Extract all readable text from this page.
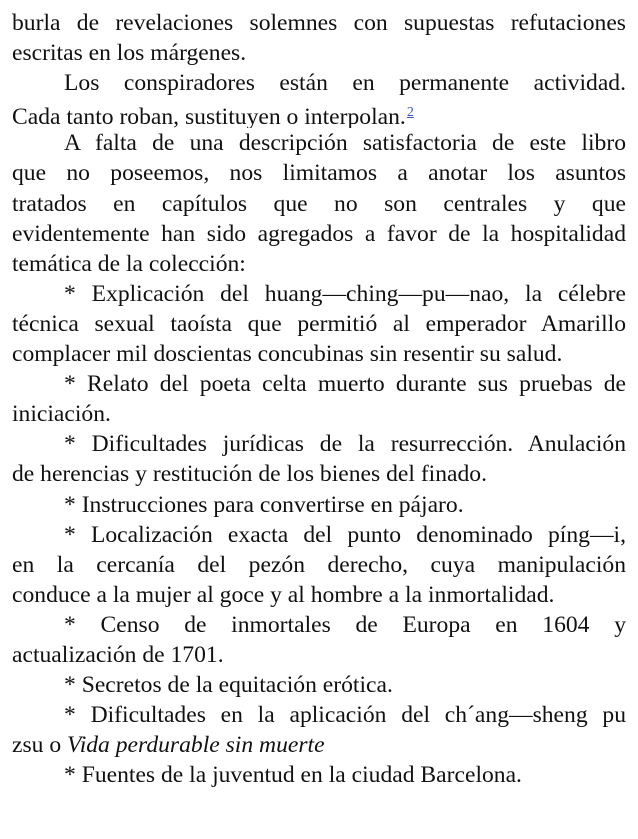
burla de revelaciones solemnes con supuestas refutaciones
escritas en los márgenes.
Los conspiradores están en permanente actividad.
Cada tanto roban, sustituyen o interpolan.$^2$
A falta de una descripción satisfactoria de este libro
que no poseemos, nos limitamos a anotar los asuntos
tratados en capítulos que no son centrales y que
evidentemente han sido agregados a favor de la hospitalidad
temática de la colección:
* Explicación del huang—ching—pu—nao, la célebre
técnica sexual taoísta que permitió al emperador Amarillo
complacer mil doscientas concubinas sin resentir su salud.
* Relato del poeta celta muerto durante sus pruebas de
iniciación.
* Dificultades jurídicas de la resurrección. Anulación
de herencias y restitución de los bienes del finado.
* Instrucciones para convertirse en pájaro.
* Localización exacta del punto denominado píng—i,
en la cercanía del pezón derecho, cuya manipulación
conduce a la mujer al goce y al hombre a la inmortalidad.
* Censo de inmortales de Europa en 1604 y
actualización de 1701.
* Secretos de la equitación erótica.
* Dificultades en la aplicación del ch´ang—sheng pu
zsu o Vida perdurable sin muerte
* Fuentes de la juventud en la ciudad Barcelona.
